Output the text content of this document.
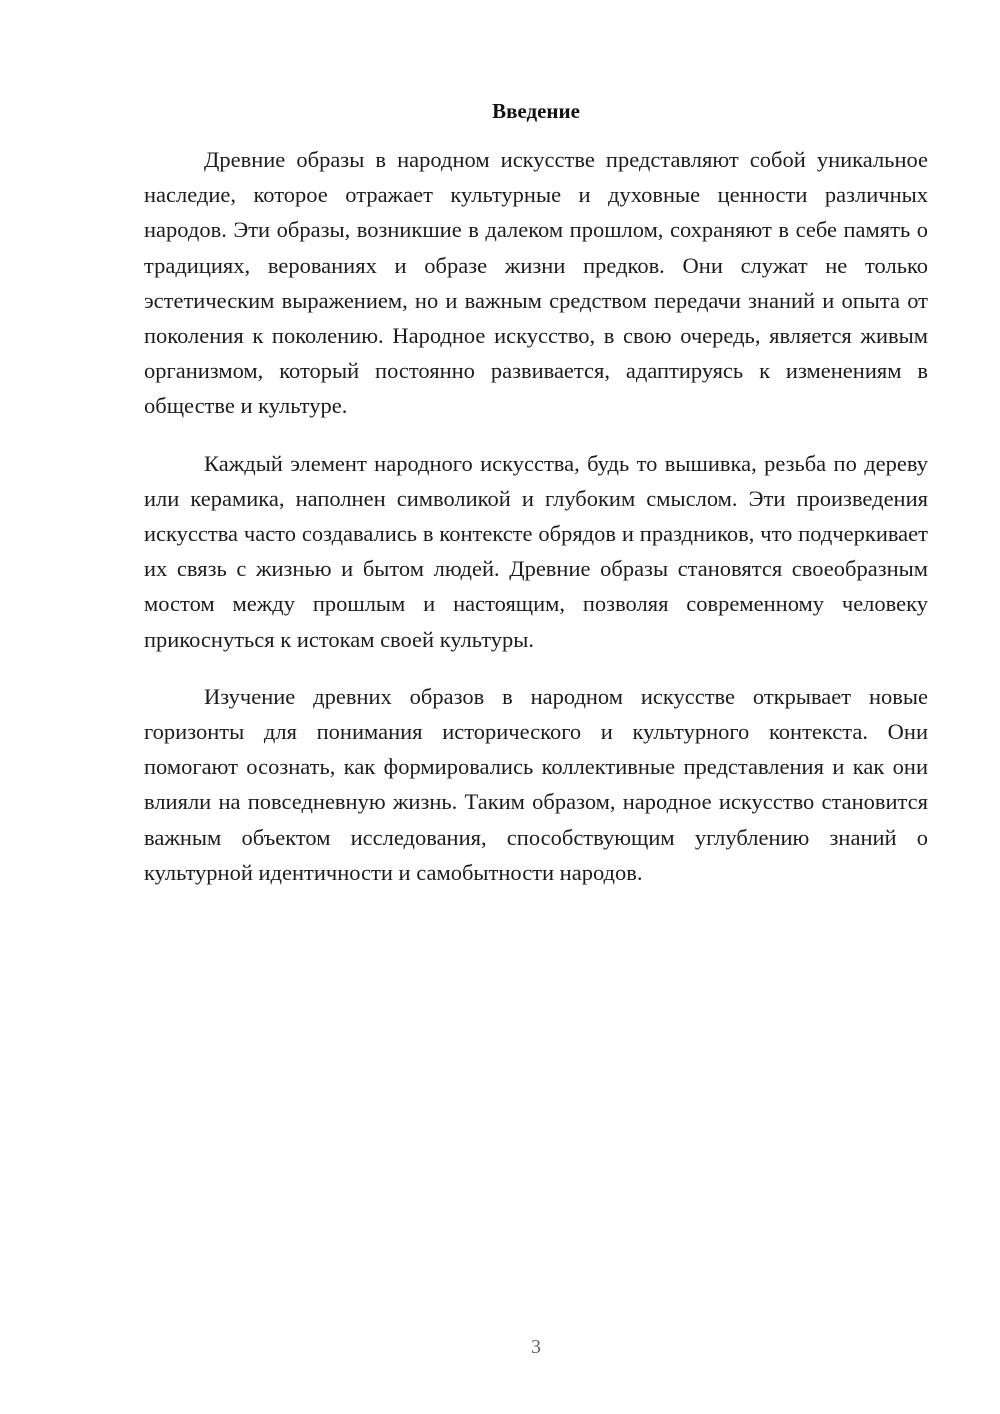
Введение

Древние образы в народном искусстве представляют собой уникальное наследие, которое отражает культурные и духовные ценности различных народов. Эти образы, возникшие в далеком прошлом, сохраняют в себе память о традициях, верованиях и образе жизни предков. Они служат не только эстетическим выражением, но и важным средством передачи знаний и опыта от поколения к поколению. Народное искусство, в свою очередь, является живым организмом, который постоянно развивается, адаптируясь к изменениям в обществе и культуре.

Каждый элемент народного искусства, будь то вышивка, резьба по дереву или керамика, наполнен символикой и глубоким смыслом. Эти произведения искусства часто создавались в контексте обрядов и праздников, что подчеркивает их связь с жизнью и бытом людей. Древние образы становятся своеобразным мостом между прошлым и настоящим, позволяя современному человеку прикоснуться к истокам своей культуры.

Изучение древних образов в народном искусстве открывает новые горизонты для понимания исторического и культурного контекста. Они помогают осознать, как формировались коллективные представления и как они влияли на повседневную жизнь. Таким образом, народное искусство становится важным объектом исследования, способствующим углублению знаний о культурной идентичности и самобытности народов.

3
